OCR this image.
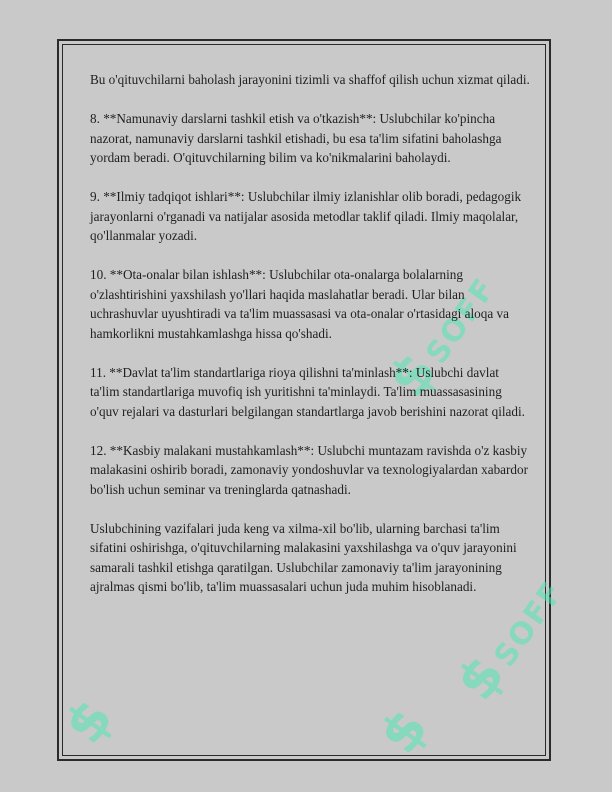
$ SOFF
$ SOFF
$	$

Bu o'qituvchilarni baholash jarayonini tizimli va shaffof qilish uchun xizmat qiladi.

8. **Namunaviy darslarni tashkil etish va o'tkazish**: Uslubchilar ko'pincha nazorat, namunaviy darslarni tashkil etishadi, bu esa ta'lim sifatini baholashga yordam beradi. O'qituvchilarning bilim va ko'nikmalarini baholaydi.

9. **Ilmiy tadqiqot ishlari**: Uslubchilar ilmiy izlanishlar olib boradi, pedagogik jarayonlarni o'rganadi va natijalar asosida metodlar taklif qiladi. Ilmiy maqolalar, qo'llanmalar yozadi.

10. **Ota-onalar bilan ishlash**: Uslubchilar ota-onalarga bolalarning o'zlashtirishini yaxshilash yo'llari haqida maslahatlar beradi. Ular bilan uchrashuvlar uyushtiradi va ta'lim muassasasi va ota-onalar o'rtasidagi aloqa va hamkorlikni mustahkamlashga hissa qo'shadi.

11. **Davlat ta'lim standartlariga rioya qilishni ta'minlash**: Uslubchi davlat ta'lim standartlariga muvofiq ish yuritishni ta'minlaydi. Ta'lim muassasasining o'quv rejalari va dasturlari belgilangan standartlarga javob berishini nazorat qiladi.

12. **Kasbiy malakani mustahkamlash**: Uslubchi muntazam ravishda o'z kasbiy malakasini oshirib boradi, zamonaviy yondoshuvlar va texnologiyalardan xabardor bo'lish uchun seminar va treninglarda qatnashadi.

Uslubchining vazifalari juda keng va xilma-xil bo'lib, ularning barchasi ta'lim sifatini oshirishga, o'qituvchilarning malakasini yaxshilashga va o'quv jarayonini samarali tashkil etishga qaratilgan. Uslubchilar zamonaviy ta'lim jarayonining ajralmas qismi bo'lib, ta'lim muassasalari uchun juda muhim hisoblanadi.
